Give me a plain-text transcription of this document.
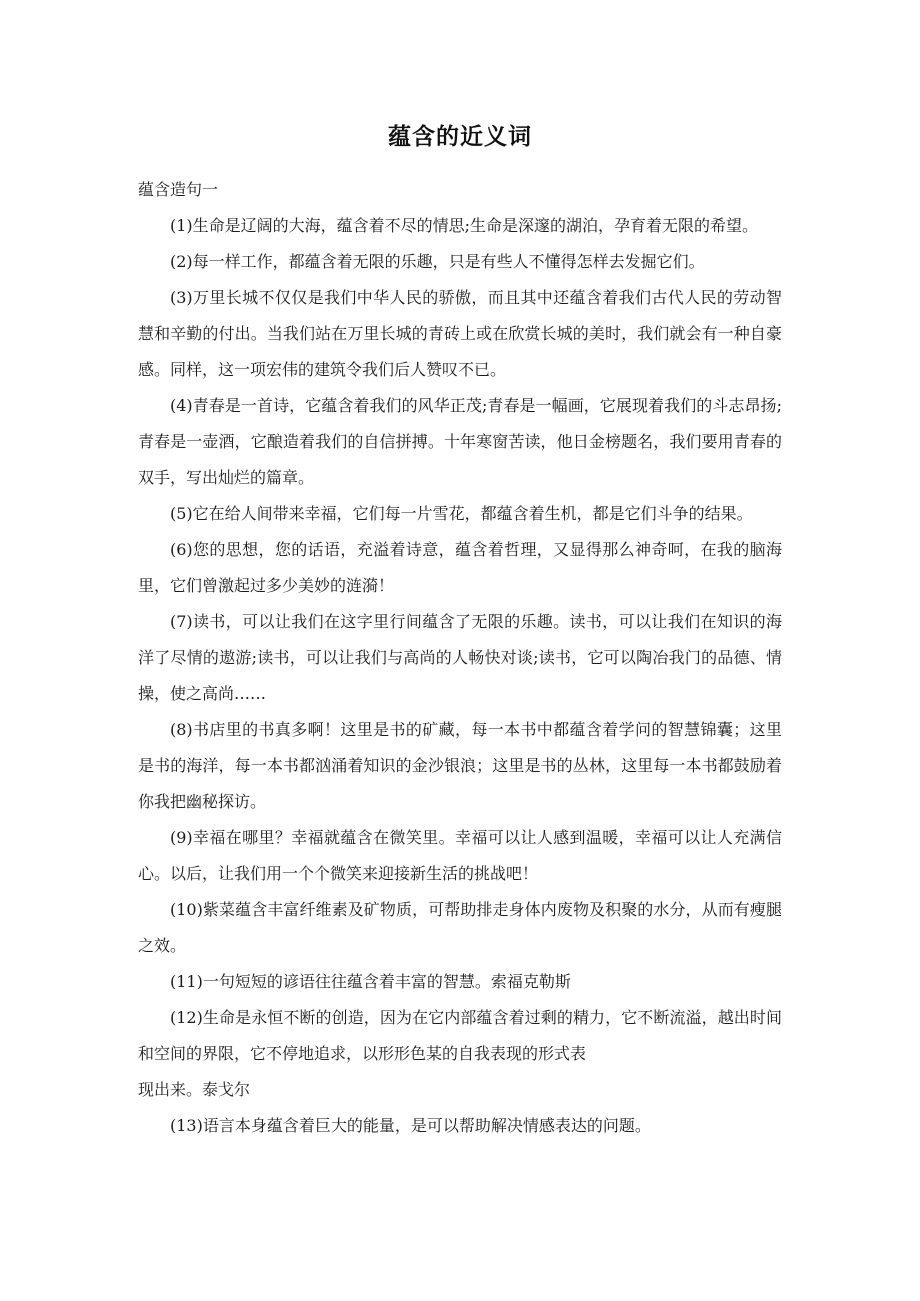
蕴含的近义词

蕴含造句一

(1)生命是辽阔的大海，蕴含着不尽的情思;生命是深邃的湖泊，孕育着无限的希望。

(2)每一样工作，都蕴含着无限的乐趣，只是有些人不懂得怎样去发掘它们。

(3)万里长城不仅仅是我们中华人民的骄傲，而且其中还蕴含着我们古代人民的劳动智慧和辛勤的付出。当我们站在万里长城的青砖上或在欣赏长城的美时，我们就会有一种自豪感。同样，这一项宏伟的建筑令我们后人赞叹不已。

(4)青春是一首诗，它蕴含着我们的风华正茂;青春是一幅画，它展现着我们的斗志昂扬;青春是一壶酒，它酿造着我们的自信拼搏。十年寒窗苦读，他日金榜题名，我们要用青春的双手，写出灿烂的篇章。

(5)它在给人间带来幸福，它们每一片雪花，都蕴含着生机，都是它们斗争的结果。

(6)您的思想，您的话语，充溢着诗意，蕴含着哲理，又显得那么神奇呵，在我的脑海里，它们曾激起过多少美妙的涟漪！

(7)读书，可以让我们在这字里行间蕴含了无限的乐趣。读书，可以让我们在知识的海洋了尽情的遨游;读书，可以让我们与高尚的人畅快对谈;读书，它可以陶冶我门的品德、情操，使之高尚……

(8)书店里的书真多啊！这里是书的矿藏，每一本书中都蕴含着学问的智慧锦囊；这里是书的海洋，每一本书都汹涌着知识的金沙银浪；这里是书的丛林，这里每一本书都鼓励着你我把幽秘探访。

(9)幸福在哪里？幸福就蕴含在微笑里。幸福可以让人感到温暖，幸福可以让人充满信心。以后，让我们用一个个微笑来迎接新生活的挑战吧！

(10)紫菜蕴含丰富纤维素及矿物质，可帮助排走身体内废物及积聚的水分，从而有瘦腿之效。

(11)一句短短的谚语往往蕴含着丰富的智慧。索福克勒斯

(12)生命是永恒不断的创造，因为在它内部蕴含着过剩的精力，它不断流溢，越出时间和空间的界限，它不停地追求，以形形色某的自我表现的形式表

现出来。泰戈尔

(13)语言本身蕴含着巨大的能量，是可以帮助解决情感表达的问题。
